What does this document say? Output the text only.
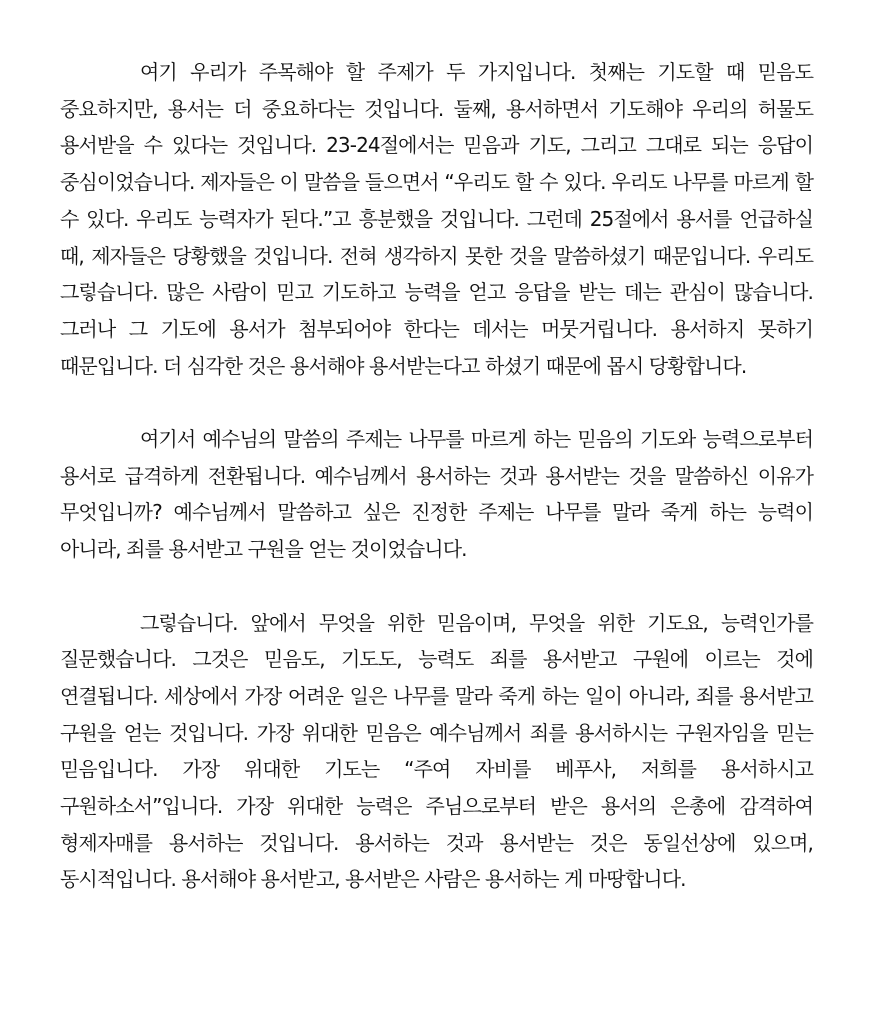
여기 우리가 주목해야 할 주제가 두 가지입니다. 첫째는 기도할 때 믿음도 중요하지만, 용서는 더 중요하다는 것입니다. 둘째, 용서하면서 기도해야 우리의 허물도 용서받을 수 있다는 것입니다. 23-24절에서는 믿음과 기도, 그리고 그대로 되는 응답이 중심이었습니다. 제자들은 이 말씀을 들으면서 “우리도 할 수 있다. 우리도 나무를 마르게 할 수 있다. 우리도 능력자가 된다.”고 흥분했을 것입니다. 그런데 25절에서 용서를 언급하실 때, 제자들은 당황했을 것입니다. 전혀 생각하지 못한 것을 말씀하셨기 때문입니다. 우리도 그렇습니다. 많은 사람이 믿고 기도하고 능력을 얻고 응답을 받는 데는 관심이 많습니다. 그러나 그 기도에 용서가 첨부되어야 한다는 데서는 머뭇거립니다. 용서하지 못하기 때문입니다. 더 심각한 것은 용서해야 용서받는다고 하셨기 때문에 몹시 당황합니다.

여기서 예수님의 말씀의 주제는 나무를 마르게 하는 믿음의 기도와 능력으로부터 용서로 급격하게 전환됩니다. 예수님께서 용서하는 것과 용서받는 것을 말씀하신 이유가 무엇입니까? 예수님께서 말씀하고 싶은 진정한 주제는 나무를 말라 죽게 하는 능력이 아니라, 죄를 용서받고 구원을 얻는 것이었습니다.

그렇습니다. 앞에서 무엇을 위한 믿음이며, 무엇을 위한 기도요, 능력인가를 질문했습니다. 그것은 믿음도, 기도도, 능력도 죄를 용서받고 구원에 이르는 것에 연결됩니다. 세상에서 가장 어려운 일은 나무를 말라 죽게 하는 일이 아니라, 죄를 용서받고 구원을 얻는 것입니다. 가장 위대한 믿음은 예수님께서 죄를 용서하시는 구원자임을 믿는 믿음입니다. 가장 위대한 기도는 “주여 자비를 베푸사, 저희를 용서하시고 구원하소서”입니다. 가장 위대한 능력은 주님으로부터 받은 용서의 은총에 감격하여 형제자매를 용서하는 것입니다. 용서하는 것과 용서받는 것은 동일선상에 있으며, 동시적입니다. 용서해야 용서받고, 용서받은 사람은 용서하는 게 마땅합니다.
